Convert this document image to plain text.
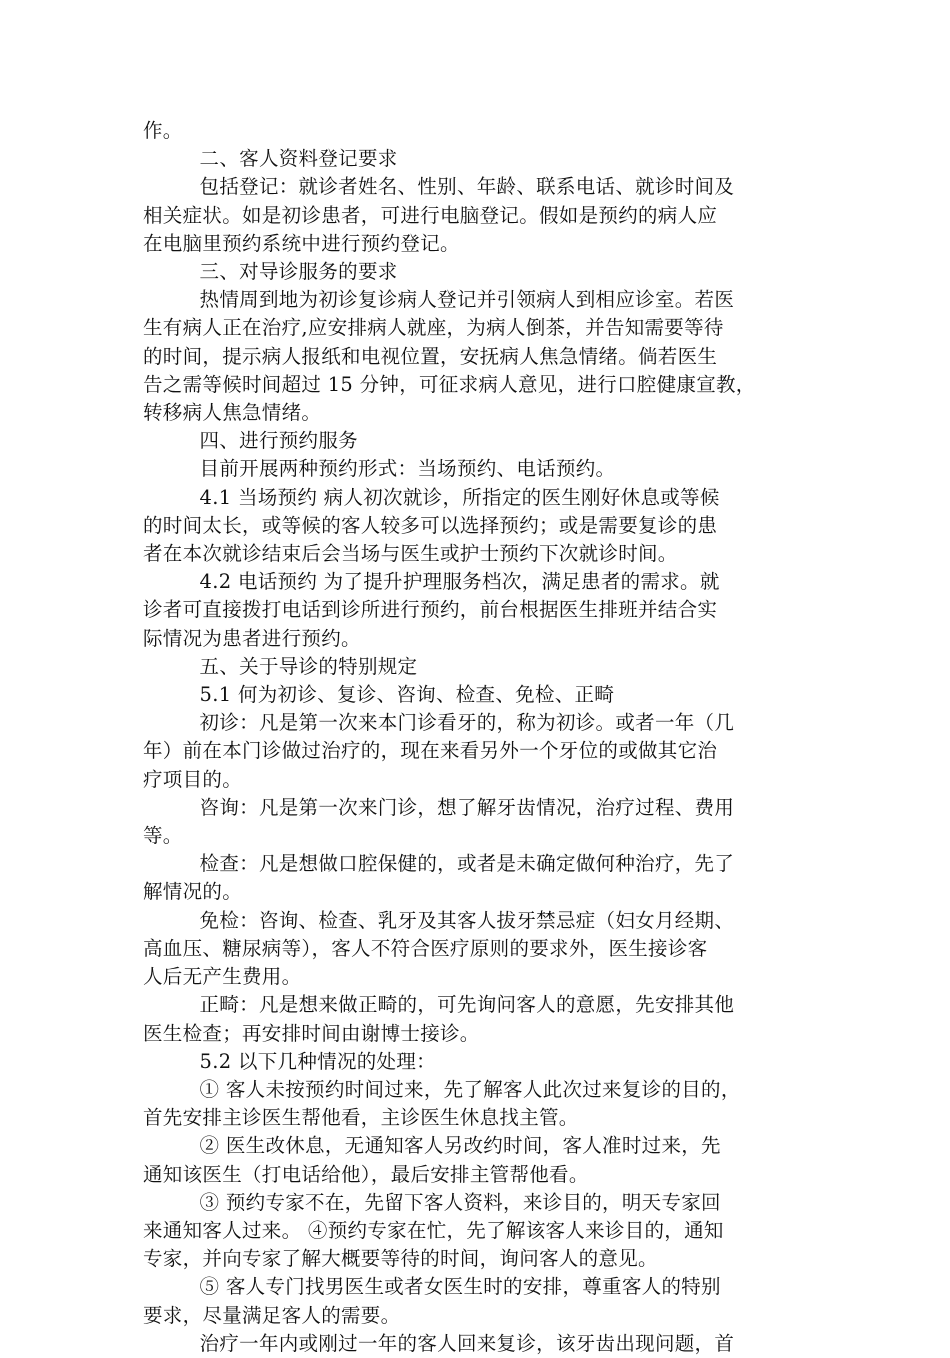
作。

二、客人资料登记要求

包括登记：就诊者姓名、性别、年龄、联系电话、就诊时间及
相关症状。如是初诊患者，可进行电脑登记。假如是预约的病人应
在电脑里预约系统中进行预约登记。

三、对导诊服务的要求

热情周到地为初诊复诊病人登记并引领病人到相应诊室。若医
生有病人正在治疗,应安排病人就座，为病人倒茶，并告知需要等待
的时间，提示病人报纸和电视位置，安抚病人焦急情绪。倘若医生
告之需等候时间超过 15 分钟，可征求病人意见，进行口腔健康宣教，
转移病人焦急情绪。

四、进行预约服务

目前开展两种预约形式：当场预约、电话预约。

4.1 当场预约 病人初次就诊，所指定的医生刚好休息或等候
的时间太长，或等候的客人较多可以选择预约；或是需要复诊的患
者在本次就诊结束后会当场与医生或护士预约下次就诊时间。

4.2 电话预约 为了提升护理服务档次，满足患者的需求。就
诊者可直接拨打电话到诊所进行预约，前台根据医生排班并结合实
际情况为患者进行预约。

五、关于导诊的特别规定

5.1 何为初诊、复诊、咨询、检查、免检、正畸

初诊：凡是第一次来本门诊看牙的，称为初诊。或者一年（几
年）前在本门诊做过治疗的，现在来看另外一个牙位的或做其它治
疗项目的。

咨询：凡是第一次来门诊，想了解牙齿情况，治疗过程、费用
等。

检查：凡是想做口腔保健的，或者是未确定做何种治疗，先了
解情况的。

免检：咨询、检查、乳牙及其客人拔牙禁忌症（妇女月经期、
高血压、糖尿病等），客人不符合医疗原则的要求外，医生接诊客
人后无产生费用。

正畸：凡是想来做正畸的，可先询问客人的意愿，先安排其他
医生检查；再安排时间由谢博士接诊。

5.2 以下几种情况的处理：

① 客人未按预约时间过来，先了解客人此次过来复诊的目的，
首先安排主诊医生帮他看，主诊医生休息找主管。

② 医生改休息，无通知客人另改约时间，客人准时过来，先
通知该医生（打电话给他），最后安排主管帮他看。

③ 预约专家不在，先留下客人资料，来诊目的，明天专家回
来通知客人过来。 ④预约专家在忙，先了解该客人来诊目的，通知
专家，并向专家了解大概要等待的时间，询问客人的意见。

⑤ 客人专门找男医生或者女医生时的安排，尊重客人的特别
要求，尽量满足客人的需要。

治疗一年内或刚过一年的客人回来复诊，该牙齿出现问题，首
